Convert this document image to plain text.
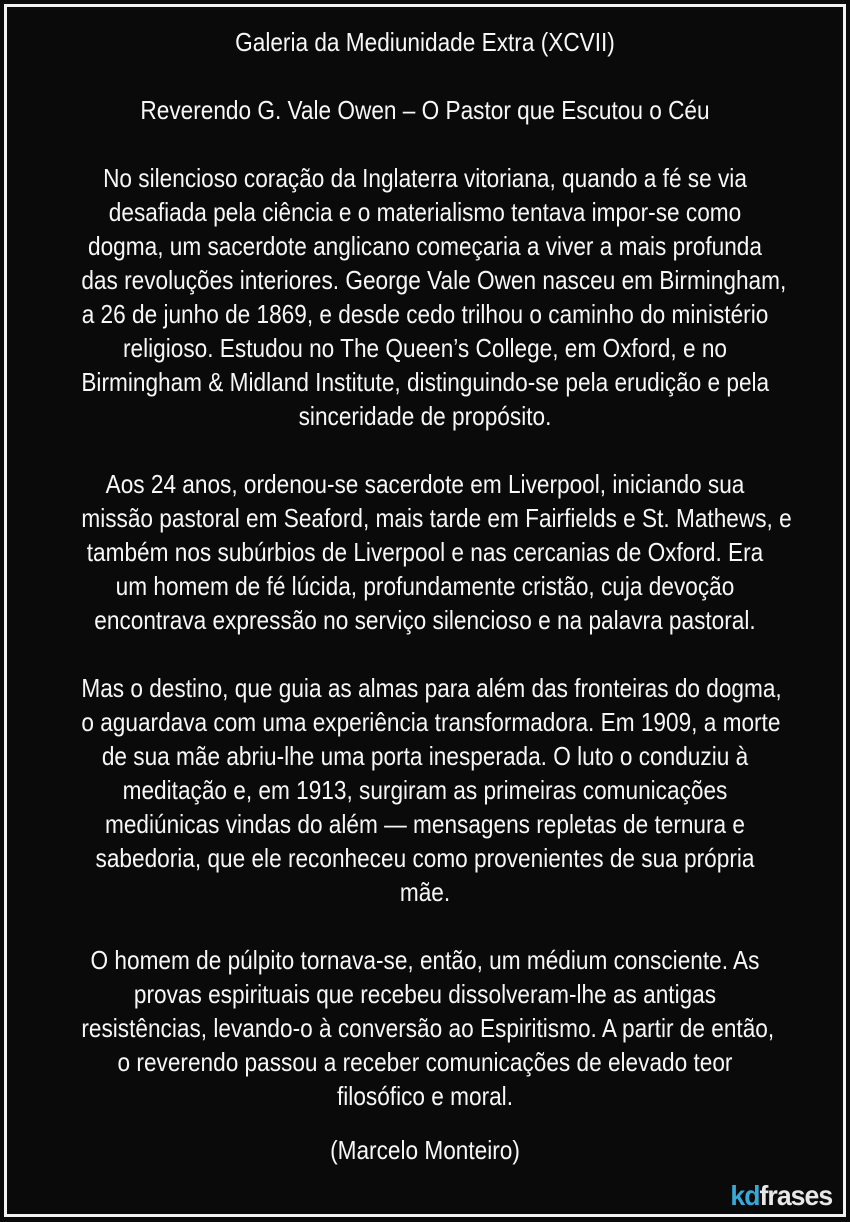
Galeria da Mediunidade Extra (XCVII)
Reverendo G. Vale Owen – O Pastor que Escutou o Céu
No silencioso coração da Inglaterra vitoriana, quando a fé se via
desafiada pela ciência e o materialismo tentava impor-se como
dogma, um sacerdote anglicano começaria a viver a mais profunda
das revoluções interiores. George Vale Owen nasceu em Birmingham,
a 26 de junho de 1869, e desde cedo trilhou o caminho do ministério
religioso. Estudou no The Queen’s College, em Oxford, e no
Birmingham & Midland Institute, distinguindo-se pela erudição e pela
sinceridade de propósito.
Aos 24 anos, ordenou-se sacerdote em Liverpool, iniciando sua
missão pastoral em Seaford, mais tarde em Fairfields e St. Mathews, e
também nos subúrbios de Liverpool e nas cercanias de Oxford. Era
um homem de fé lúcida, profundamente cristão, cuja devoção
encontrava expressão no serviço silencioso e na palavra pastoral.
Mas o destino, que guia as almas para além das fronteiras do dogma,
o aguardava com uma experiência transformadora. Em 1909, a morte
de sua mãe abriu-lhe uma porta inesperada. O luto o conduziu à
meditação e, em 1913, surgiram as primeiras comunicações
mediúnicas vindas do além — mensagens repletas de ternura e
sabedoria, que ele reconheceu como provenientes de sua própria
mãe.
O homem de púlpito tornava-se, então, um médium consciente. As
provas espirituais que recebeu dissolveram-lhe as antigas
resistências, levando-o à conversão ao Espiritismo. A partir de então,
o reverendo passou a receber comunicações de elevado teor
filosófico e moral.
(Marcelo Monteiro)
kdfrases
